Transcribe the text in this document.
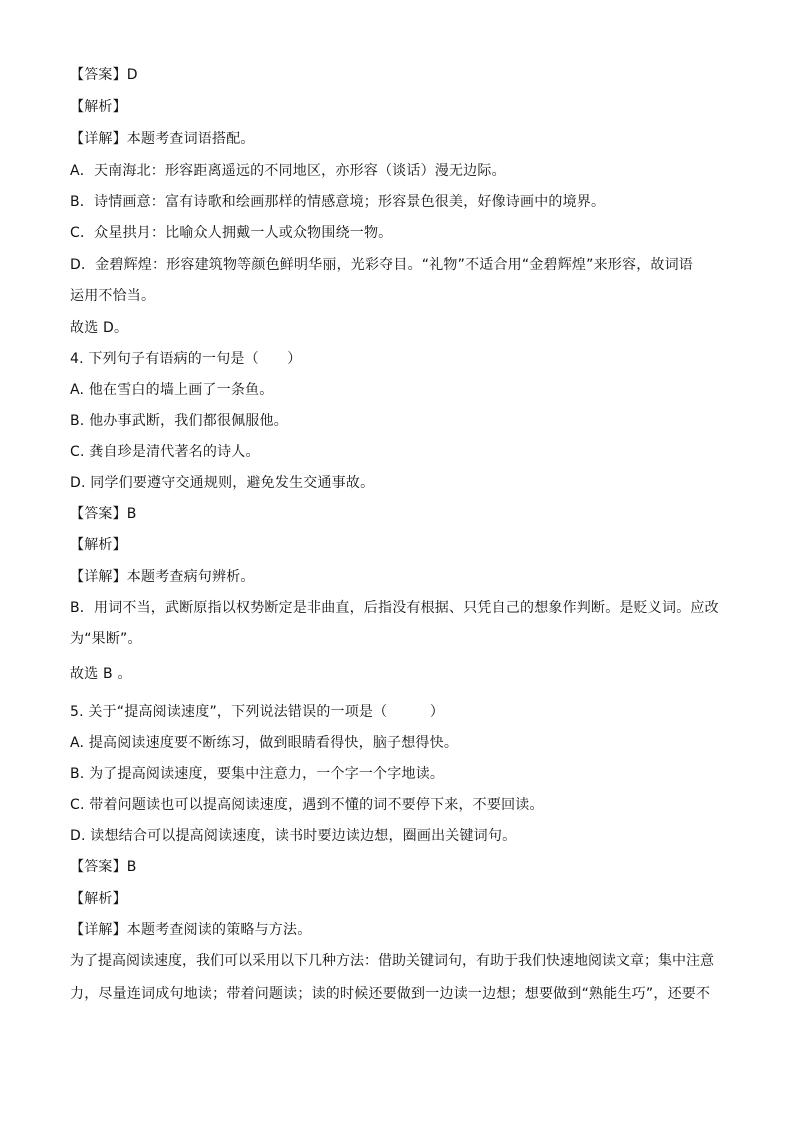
【答案】D
【解析】
【详解】本题考查词语搭配。
A．天南海北：形容距离遥远的不同地区，亦形容（谈话）漫无边际。
B．诗情画意：富有诗歌和绘画那样的情感意境；形容景色很美，好像诗画中的境界。
C．众星拱月：比喻众人拥戴一人或众物围绕一物。
D．金碧辉煌：形容建筑物等颜色鲜明华丽，光彩夺目。“礼物”不适合用“金碧辉煌”来形容，故词语
运用不恰当。
故选 D。
4. 下列句子有语病的一句是（　　）
A. 他在雪白的墙上画了一条鱼。
B. 他办事武断，我们都很佩服他。
C. 龚自珍是清代著名的诗人。
D. 同学们要遵守交通规则，避免发生交通事故。
【答案】B
【解析】
【详解】本题考查病句辨析。
B．用词不当，武断原指以权势断定是非曲直，后指没有根据、只凭自己的想象作判断。是贬义词。应改
为“果断”。
故选 B 。
5. 关于“提高阅读速度”，下列说法错误的一项是（　　　）
A. 提高阅读速度要不断练习，做到眼睛看得快，脑子想得快。
B. 为了提高阅读速度，要集中注意力，一个字一个字地读。
C. 带着问题读也可以提高阅读速度，遇到不懂的词不要停下来，不要回读。
D. 读想结合可以提高阅读速度，读书时要边读边想，圈画出关键词句。
【答案】B
【解析】
【详解】本题考查阅读的策略与方法。
为了提高阅读速度，我们可以采用以下几种方法：借助关键词句，有助于我们快速地阅读文章；集中注意
力，尽量连词成句地读；带着问题读；读的时候还要做到一边读一边想；想要做到“熟能生巧”，还要不
